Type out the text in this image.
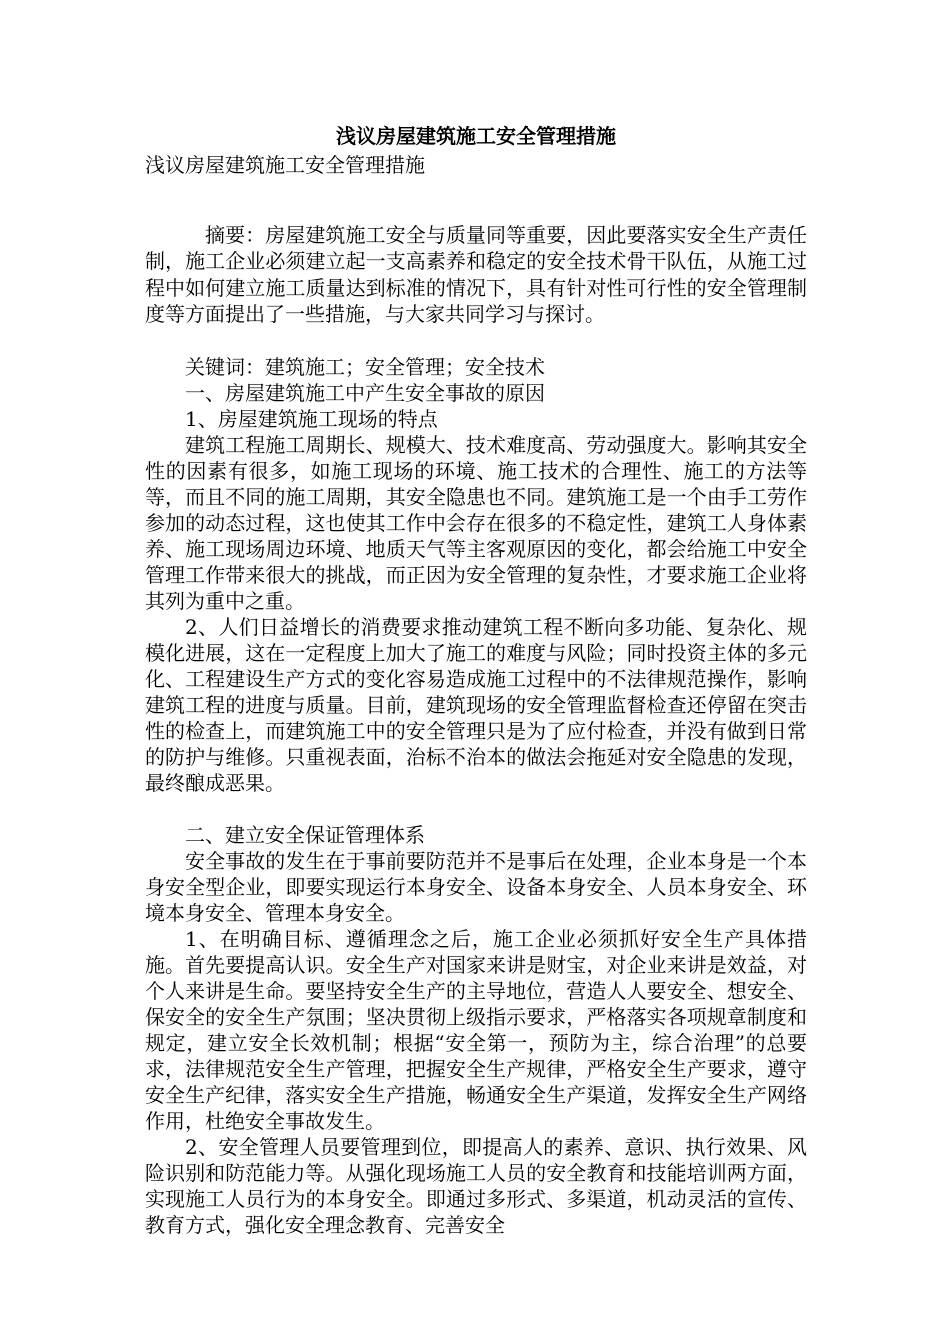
浅议房屋建筑施工安全管理措施

浅议房屋建筑施工安全管理措施

摘要：房屋建筑施工安全与质量同等重要，因此要落实安全生产责任制，施工企业必须建立起一支高素养和稳定的安全技术骨干队伍，从施工过程中如何建立施工质量达到标准的情况下，具有针对性可行性的安全管理制度等方面提出了一些措施，与大家共同学习与探讨。

关键词：建筑施工；安全管理；安全技术

一、房屋建筑施工中产生安全事故的原因

1、房屋建筑施工现场的特点

建筑工程施工周期长、规模大、技术难度高、劳动强度大。影响其安全性的因素有很多，如施工现场的环境、施工技术的合理性、施工的方法等等，而且不同的施工周期，其安全隐患也不同。建筑施工是一个由手工劳作参加的动态过程，这也使其工作中会存在很多的不稳定性，建筑工人身体素养、施工现场周边环境、地质天气等主客观原因的变化，都会给施工中安全管理工作带来很大的挑战，而正因为安全管理的复杂性，才要求施工企业将其列为重中之重。

2、人们日益增长的消费要求推动建筑工程不断向多功能、复杂化、规模化进展，这在一定程度上加大了施工的难度与风险；同时投资主体的多元化、工程建设生产方式的变化容易造成施工过程中的不法律规范操作，影响建筑工程的进度与质量。目前，建筑现场的安全管理监督检查还停留在突击性的检查上，而建筑施工中的安全管理只是为了应付检查，并没有做到日常的防护与维修。只重视表面，治标不治本的做法会拖延对安全隐患的发现，最终酿成恶果。

二、建立安全保证管理体系

安全事故的发生在于事前要防范并不是事后在处理，企业本身是一个本身安全型企业，即要实现运行本身安全、设备本身安全、人员本身安全、环境本身安全、管理本身安全。

1、在明确目标、遵循理念之后，施工企业必须抓好安全生产具体措施。首先要提高认识。安全生产对国家来讲是财宝，对企业来讲是效益，对个人来讲是生命。要坚持安全生产的主导地位，营造人人要安全、想安全、保安全的安全生产氛围；坚决贯彻上级指示要求，严格落实各项规章制度和规定，建立安全长效机制；根据“安全第一，预防为主，综合治理”的总要求，法律规范安全生产管理，把握安全生产规律，严格安全生产要求，遵守安全生产纪律，落实安全生产措施，畅通安全生产渠道，发挥安全生产网络作用，杜绝安全事故发生。

2、安全管理人员要管理到位，即提高人的素养、意识、执行效果、风险识别和防范能力等。从强化现场施工人员的安全教育和技能培训两方面，实现施工人员行为的本身安全。即通过多形式、多渠道，机动灵活的宣传、教育方式，强化安全理念教育、完善安全
